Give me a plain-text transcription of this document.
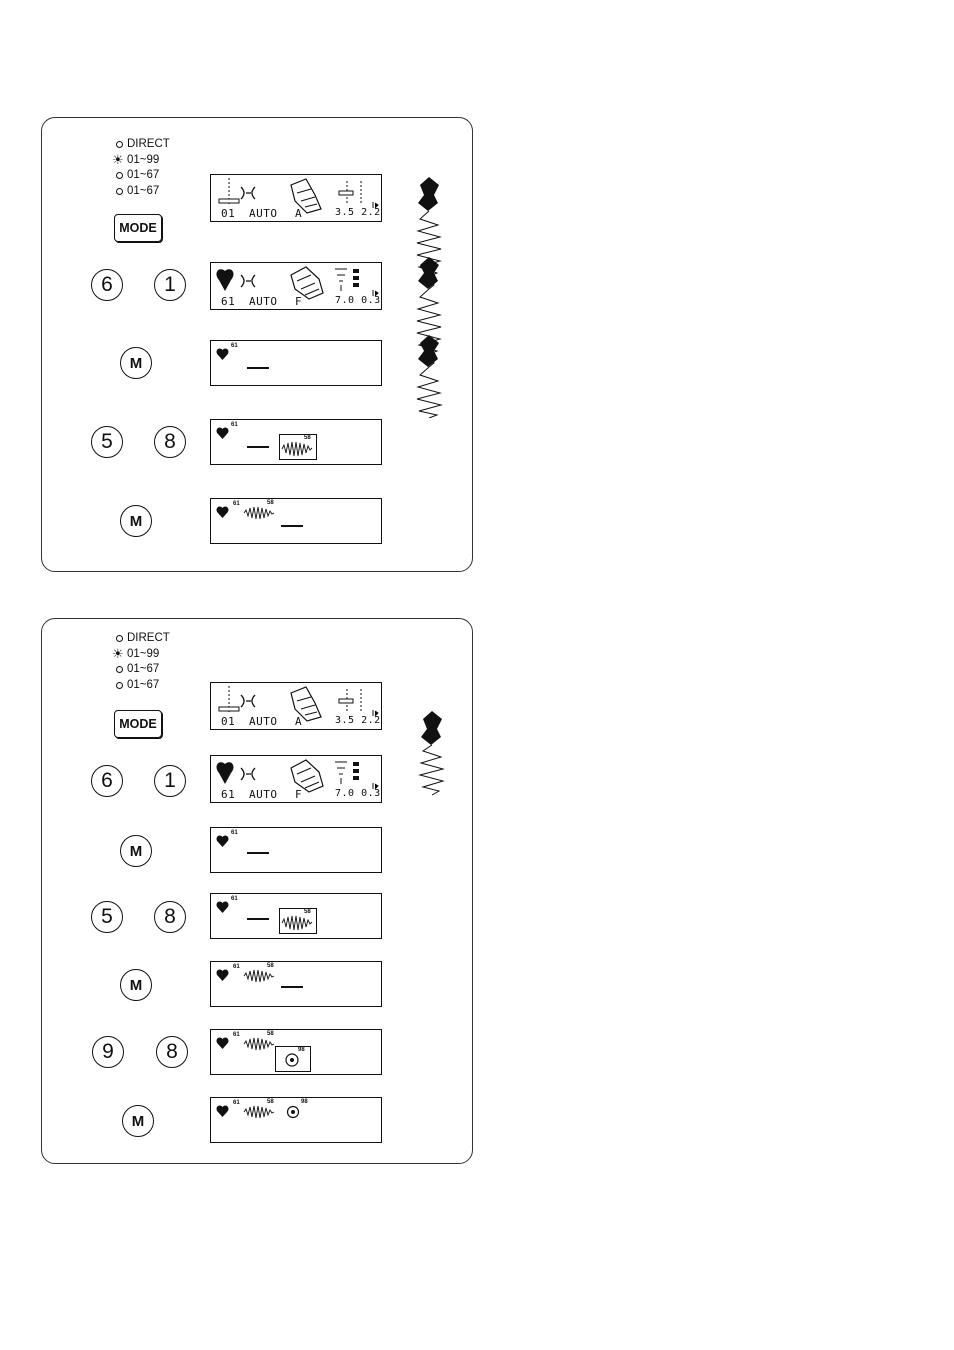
DIRECT
☀ 01~99
01~67
01~67
MODE
01 AUTO A	3.5 2.2
6	1
61 AUTO F	7.0 0.3
M
61
5	8
61
58
M
61	58
DIRECT
☀ 01~99
01~67
01~67
MODE	01 AUTO A	3.5 2.2
6	1
61 AUTO F	7.0 0.3
M
61
5	8
61
58
M
61	58
9	8
61	58
98
M
61	58	98
